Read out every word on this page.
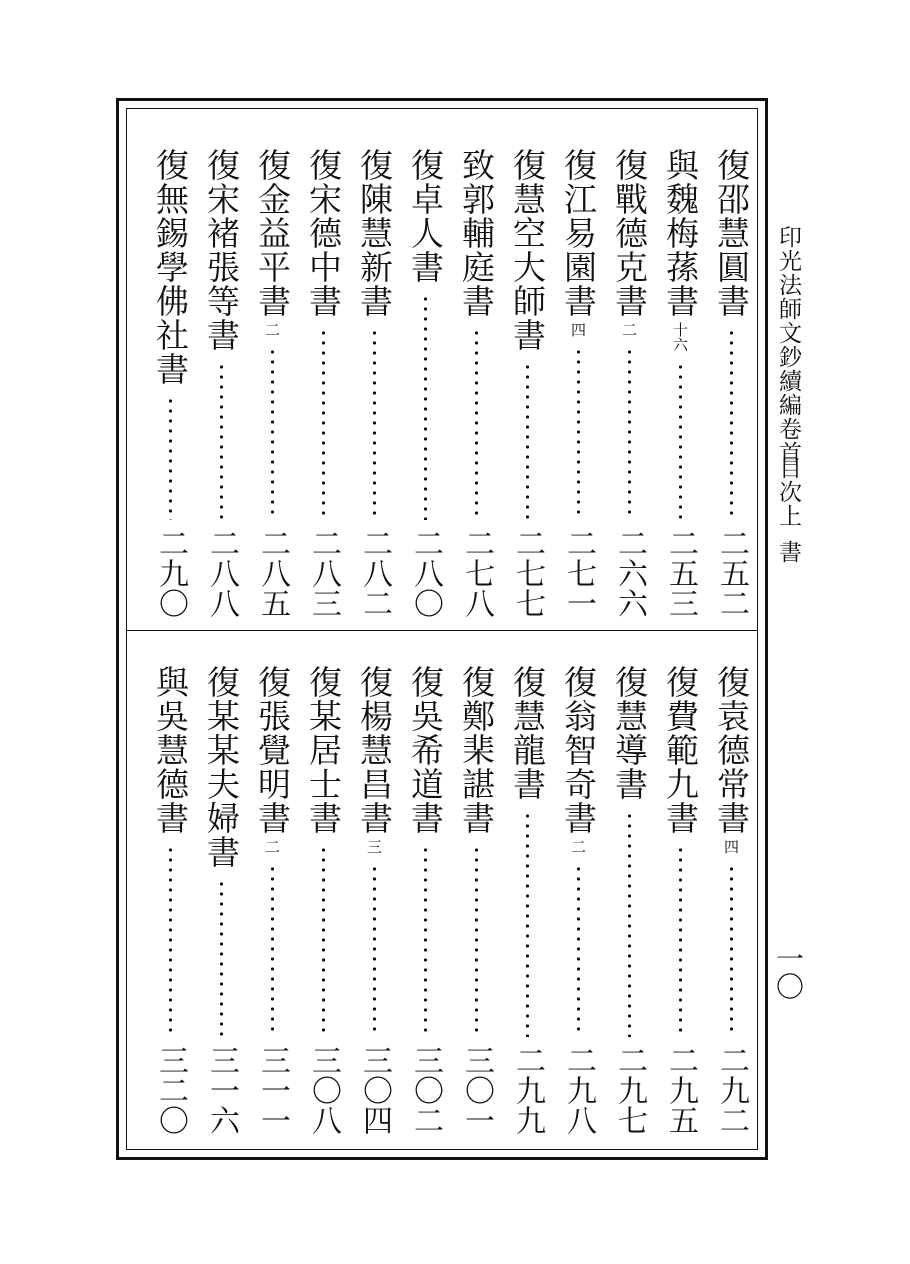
復邵慧圓書
二五二
與魏梅蓀書
十六
二五三
復戰德克書
二
二六六
復江易園書
四
二七一
復慧空大師書
二七七
致郭輔庭書
二七八
復卓人書
二八〇
復陳慧新書
二八二
復宋德中書
二八三
復金益平書
二
二八五
復宋褚張等書
二八八
復無錫學佛社書
二九〇
復袁德常書
四
二九二
復費範九書
二九五
復慧導書
二九七
復翁智奇書
二
二九八
復慧龍書
二九九
復鄭棐諶書
三〇一
復吳希道書
三〇二
復楊慧昌書
三
三〇四
復某居士書
三〇八
復張覺明書
二
三一一
復某某夫婦書
三一六
與吳慧德書
三二〇
印光法師文鈔續編卷首
目次上
書
一〇
